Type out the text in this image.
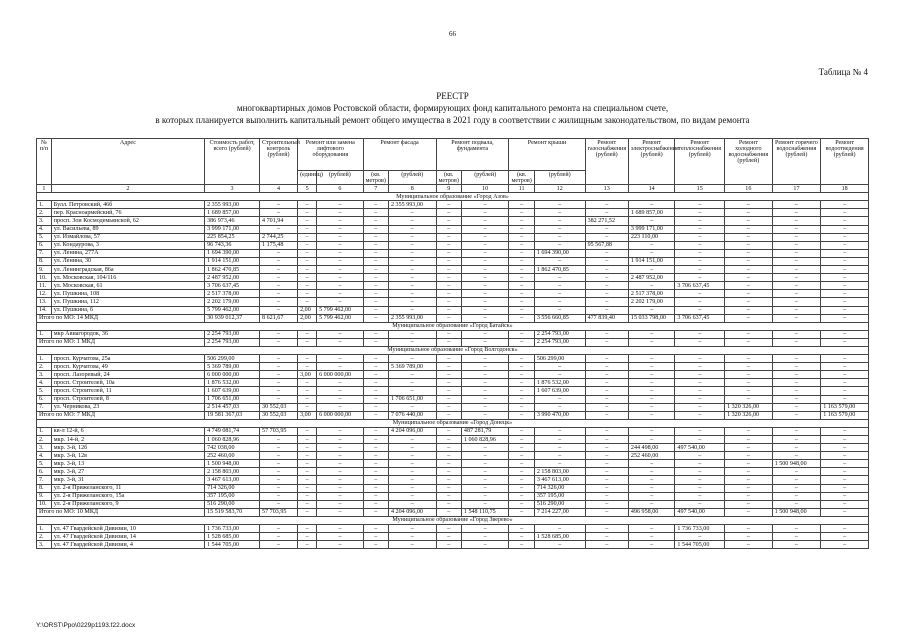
66
Таблица № 4
РЕЕСТР
многоквартирных домов Ростовской области, формирующих фонд капитального ремонта на специальном счете,
в которых планируется выполнить капитальный ремонт общего имущества в 2021 году в соответствии с жилищным законодательством, по видам ремонта
№ п/п	Адрес	Стоимость работ, всего (рублей)	Строительный контроль (рублей)	Ремонт или замена лифтового оборудования		Ремонт фасада		Ремонт подвала, фундамента		Ремонт крыши		Ремонт газоснабжения (рублей)	Ремонт электроснабжения (рублей)	Ремонт теплоснабжения (рублей)	Ремонт холодного водоснабжения (рублей)	Ремонт горячего водоснабжения (рублей)	Ремонт водоотведения (рублей)
				(единиц)	(рублей)	(кв. метров)	(рублей)	(кв. метров)	(рублей)	(кв. метров)	(рублей)						
1	2	3	4	5	6	7	8	9	10	11	12	13	14	15	16	17	18
Муниципальное образование «Город Азов»																	
1.	Булл. Петровский, 46б	2 355 993,00	–	–	–	–	2 355 993,00	–	–	–	–	–	–	–	–	–	–
2.	пер. Красноармейский, 76	1 689 857,00	–	–	–	–	–	–	–	–	–	–	1 689 857,00	–	–	–	–
3.	просп. Зои Космодемьянской, 62	386 973,46	4 701,94	–	–	–	–	–	–	–	–	382 271,52	–	–	–	–	–
4.	ул. Васильева, 89	3 999 171,00	–	–	–	–	–	–	–	–	–	–	3 999 171,00	–	–	–	–
5.	ул. Измайлова, 57	225 854,25	2 744,25	–	–	–	–	–	–	–	–	–	223 110,00	–	–	–	–
6.	ул. Кондаурова, 3	96 743,36	1 175,48	–	–	–	–	–	–	–	–	95 567,88	–	–	–	–	–
7.	ул. Ленина, 277А	1 694 390,00	–	–	–	–	–	–	–	–	1 694 390,00	–	–	–	–	–	–
8.	ул. Ленина, 30	1 914 151,00	–	–	–	–	–	–	–	–	–	–	1 914 151,00	–	–	–	–
9.	ул. Ленинградская, 86а	1 862 470,85	–	–	–	–	–	–	–	–	1 862 470,85	–	–	–	–	–	–
10.	ул. Московская, 104/116	2 487 952,00	–	–	–	–	–	–	–	–	–	–	2 487 952,00	–	–	–	–
11.	ул. Московская, 61	3 706 637,45	–	–	–	–	–	–	–	–	–	–	–	3 706 637,45	–	–	–
12.	ул. Пушкина, 108	2 517 378,00	–	–	–	–	–	–	–	–	–	–	2 517 378,00	–	–	–	–
13.	ул. Пушкина, 112	2 202 179,00	–	–	–	–	–	–	–	–	–	–	2 202 179,00	–	–	–	–
14.	ул. Пушкина, 6	5 799 462,00	–	2,00	5 799 462,00	–	–	–	–	–	–	–	–	–	–	–	–
Итого по МО: 14 МКД		30 939 012,37	8 621,67	2,00	5 799 462,00	–	2 355 993,00	–	–	–	3 556 660,85	477 839,40	15 033 798,00	3 706 637,45	–	–	–
Муниципальное образование «Город Батайск»																	
1.	мкр Авиагородок, 36	2 254 793,00	–	–	–	–	–	–	–	–	2 254 793,00	–	–	–	–	–	–
Итого по МО: 1 МКД		2 254 793,00	–	–	–	–	–	–	–	–	2 254 793,00	–	–	–	–	–	–
Муниципальное образование «Город Волгодонск»																	
1.	просп. Курчатова, 25а	506 299,00	–	–	–	–	–	–	–	–	506 299,00	–	–	–	–	–	–
2.	просп. Курчатова, 49	5 369 789,00	–	–	–	–	5 369 789,00	–	–	–	–	–	–	–	–	–	–
3.	просп. Лазоревый, 24	6 000 000,00	–	3,00	6 000 000,00	–	–	–	–	–	–	–	–	–	–	–	–
4.	просп. Строителей, 10а	1 876 532,00	–	–	–	–	–	–	–	–	1 876 532,00	–	–	–	–	–	–
5.	просп. Строителей, 11	1 607 639,00	–	–	–	–	–	–	–	–	1 607 639,00	–	–	–	–	–	–
6.	просп. Строителей, 8	1 706 651,00	–	–	–	–	1 706 651,00	–	–	–	–	–	–	–	–	–	–
7.	ул. Черникова, 23	2 514 457,03	30 552,03	–	–	–	–	–	–	–	–	–	–	–	1 320 326,00	–	1 163 579,00
Итого по МО: 7 МКД		19 581 367,03	30 552,03	3,00	6 000 000,00	–	7 076 440,00	–	–	–	3 990 470,00	–	–	–	1 320 326,00	–	1 163 579,00
Муниципальное образование «Город Донецк»																	
1.	кв-л 12-й, 6	4 749 081,74	57 703,95	–	–	–	4 204 096,00	–	487 281,79	–	–	–	–	–	–	–	–
2.	мкр. 14-й, 2	1 060 828,96	–	–	–	–	–	–	1 060 828,96	–	–	–	–	–	–	–	–
3.	мкр. 3-й, 12б	742 038,00	–	–	–	–	–	–	–	–	–	–	244 498,00	497 540,00	–	–	–
4.	мкр. 3-й, 12в	252 460,00	–	–	–	–	–	–	–	–	–	–	252 460,00	–	–	–	–
5.	мкр. 3-й, 13	1 500 948,00	–	–	–	–	–	–	–	–	–	–	–	–	–	1 500 948,00	–
6.	мкр. 3-й, 27	2 158 803,00	–	–	–	–	–	–	–	–	2 158 803,00	–	–	–	–	–	–
7.	мкр. 3-й, 31	3 467 613,00	–	–	–	–	–	–	–	–	3 467 613,00	–	–	–	–	–	–
8.	ул. 2-я Прижеланского, 11	714 326,00	–	–	–	–	–	–	–	–	714 326,00	–	–	–	–	–	–
9.	ул. 2-я Прижеланского, 15а	357 195,00	–	–	–	–	–	–	–	–	357 195,00	–	–	–	–	–	–
10.	ул. 2-я Прижеланского, 9	516 290,00	–	–	–	–	–	–	–	–	516 290,00	–	–	–	–	–	–
Итого по МО: 10 МКД		15 519 583,70	57 703,95	–	–	–	4 204 096,00	–	1 548 110,75	–	7 214 227,00	–	496 958,00	497 540,00	–	1 500 948,00	–
Муниципальное образование «Город Зверево»																	
1.	ул. 47 Гвардейской Дивизии, 10	1 736 733,00	–	–	–	–	–	–	–	–	–	–	–	1 736 733,00	–	–	–
2.	ул. 47 Гвардейской Дивизии, 14	1 528 685,00	–	–	–	–	–	–	–	–	1 528 685,00	–	–	–	–	–	–
3.	ул. 47 Гвардейской Дивизии, 4	1 544 705,00	–	–	–	–	–	–	–	–	–	–	–	1 544 705,00	–	–	–
Y:\ORST\Ppo\0229p1193.f22.docx
